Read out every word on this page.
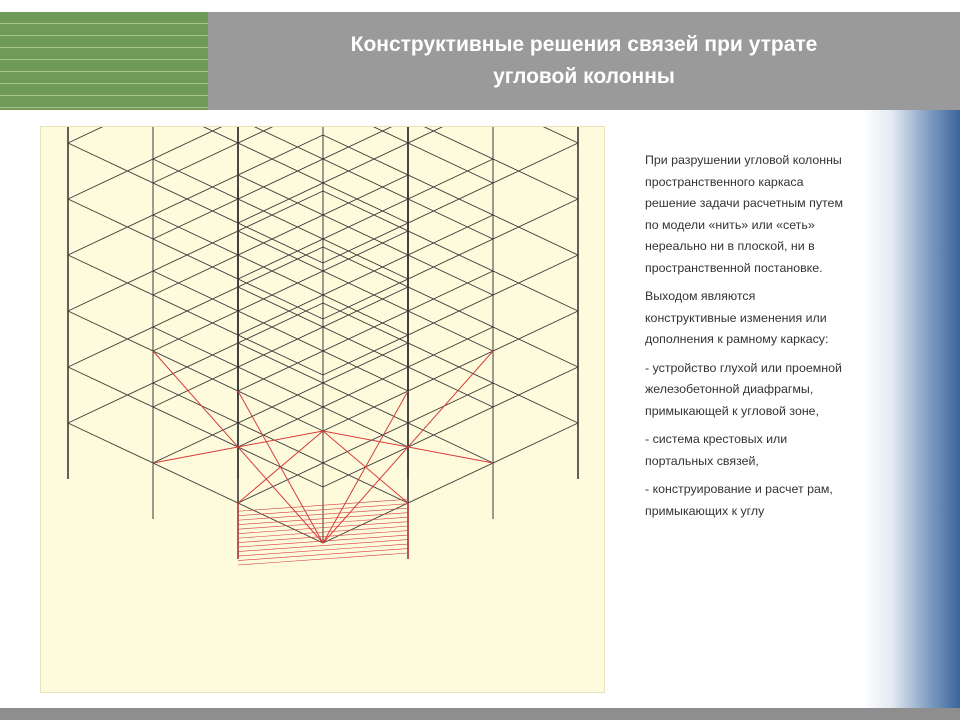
Конструктивные решения связей при утрате
угловой колонны

При разрушении угловой колонны
пространственного каркаса
решение задачи расчетным путем
по модели «нить» или «сеть»
нереально ни в плоской, ни в
пространственной постановке.

Выходом являются
конструктивные изменения или
дополнения к рамному каркасу:

- устройство глухой или проемной
железобетонной диафрагмы,
примыкающей к угловой зоне,

- система крестовых или
портальных связей,

- конструирование и расчет рам,
примыкающих к углу
